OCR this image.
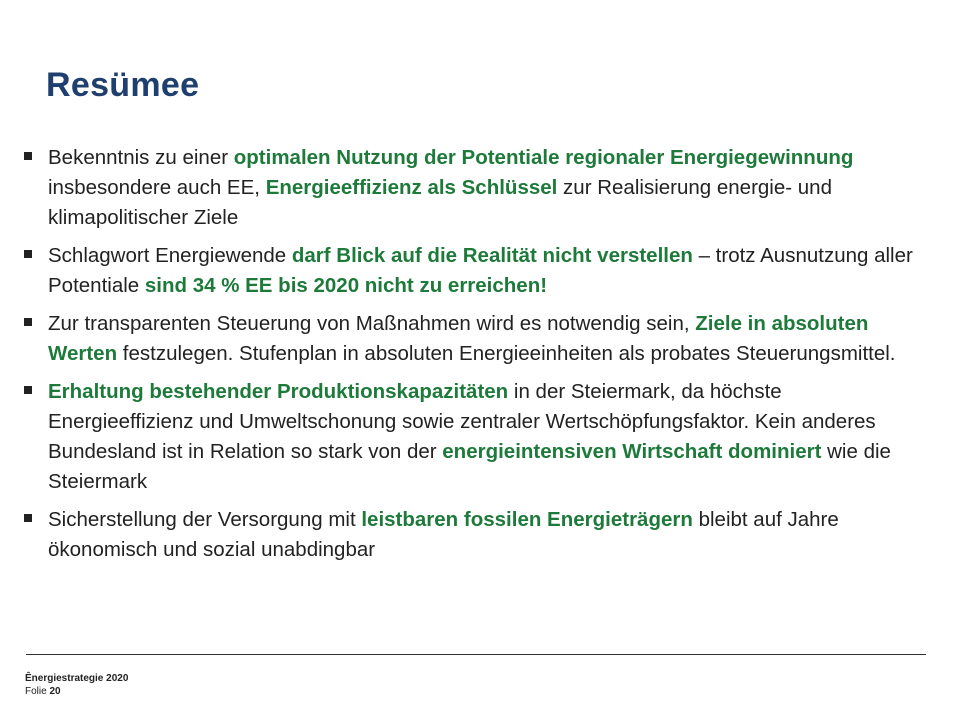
Resümee
Bekenntnis zu einer optimalen Nutzung der Potentiale regionaler Energiegewinnung insbesondere auch EE, Energieeffizienz als Schlüssel zur Realisierung energie- und klimapolitischer Ziele
Schlagwort Energiewende darf Blick auf die Realität nicht verstellen – trotz Ausnutzung aller Potentiale sind 34 % EE bis 2020 nicht zu erreichen!
Zur transparenten Steuerung von Maßnahmen wird es notwendig sein, Ziele in absoluten Werten festzulegen. Stufenplan in absoluten Energieeinheiten als probates Steuerungsmittel.
Erhaltung bestehender Produktionskapazitäten in der Steiermark, da höchste Energieeffizienz und Umweltschonung sowie zentraler Wertschöpfungsfaktor. Kein anderes Bundesland ist in Relation so stark von der energieintensiven Wirtschaft dominiert wie die Steiermark
Sicherstellung der Versorgung mit leistbaren fossilen Energieträgern bleibt auf Jahre ökonomisch und sozial unabdingbar
Ênergiestrategie 2020
Folie 20
